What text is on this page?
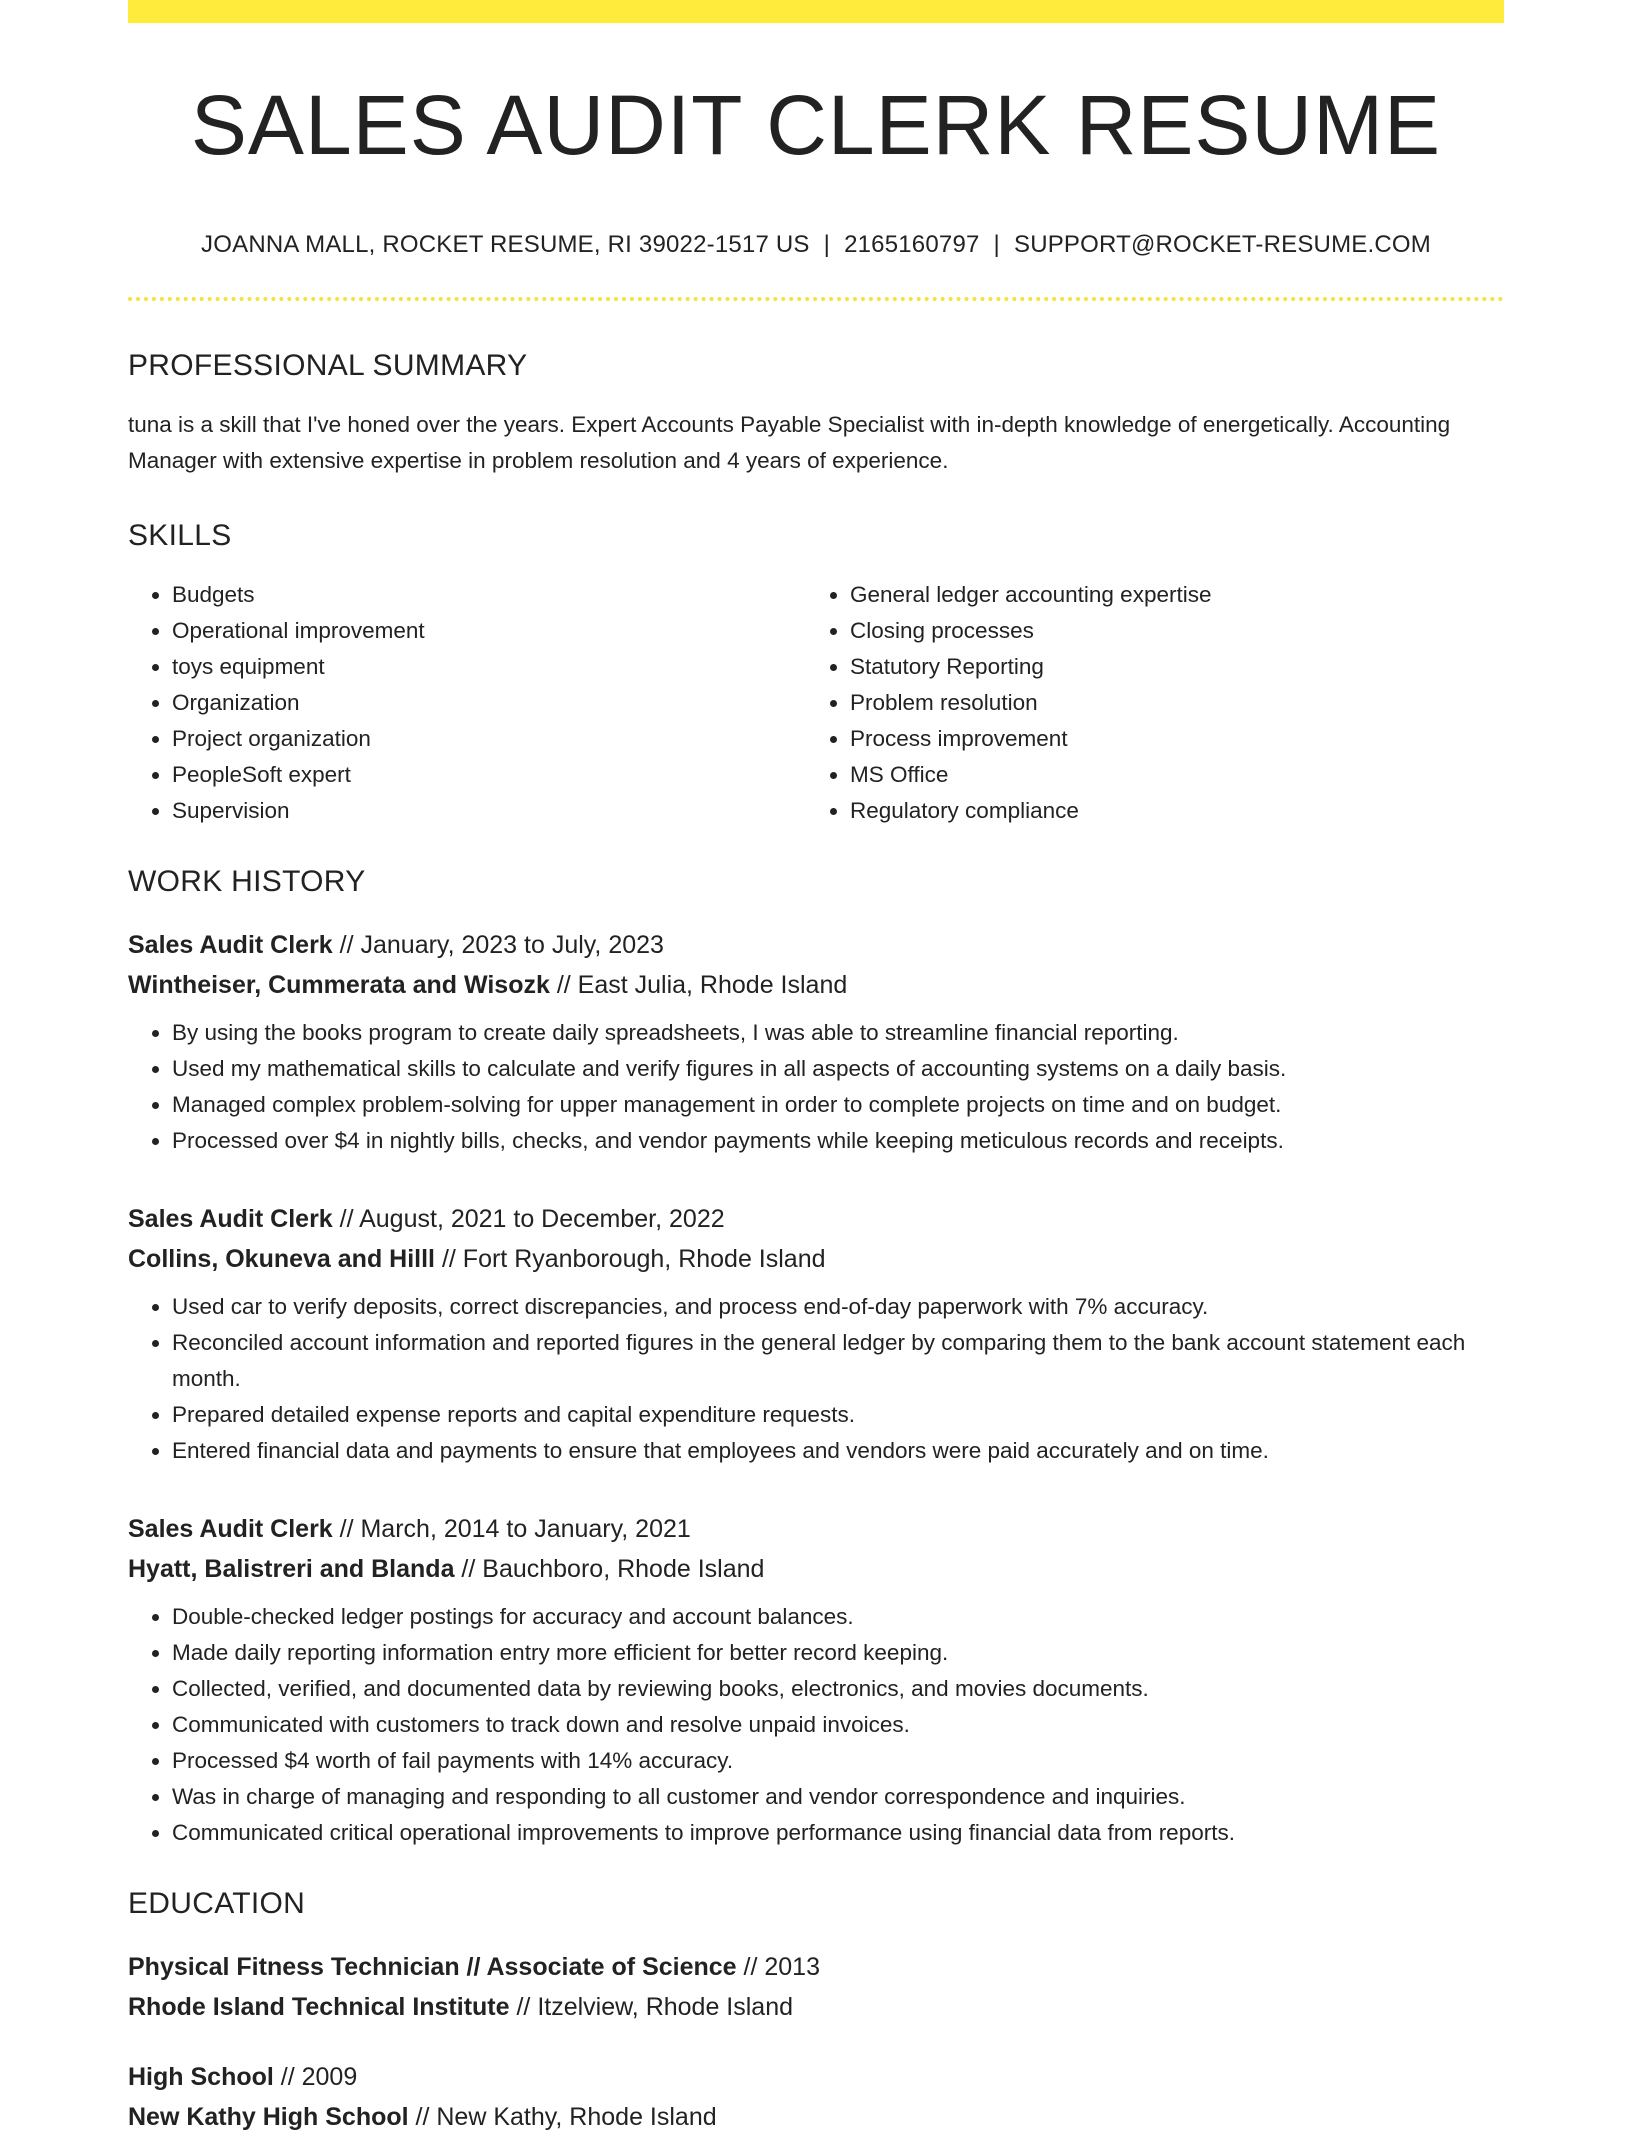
SALES AUDIT CLERK RESUME
JOANNA MALL, ROCKET RESUME, RI 39022-1517 US | 2165160797 | SUPPORT@ROCKET-RESUME.COM
PROFESSIONAL SUMMARY

tuna is a skill that I've honed over the years. Expert Accounts Payable Specialist with in-depth knowledge of energetically. Accounting Manager with extensive expertise in problem resolution and 4 years of experience.

SKILLS
• Budgets
• Operational improvement
• toys equipment
• Organization
• Project organization
• PeopleSoft expert
• Supervision
• General ledger accounting expertise
• Closing processes
• Statutory Reporting
• Problem resolution
• Process improvement
• MS Office
• Regulatory compliance
WORK HISTORY
Sales Audit Clerk // January, 2023 to July, 2023
Wintheiser, Cummerata and Wisozk // East Julia, Rhode Island
• By using the books program to create daily spreadsheets, I was able to streamline financial reporting.
• Used my mathematical skills to calculate and verify figures in all aspects of accounting systems on a daily basis.
• Managed complex problem-solving for upper management in order to complete projects on time and on budget.
• Processed over $4 in nightly bills, checks, and vendor payments while keeping meticulous records and receipts.
Sales Audit Clerk // August, 2021 to December, 2022
Collins, Okuneva and Hilll // Fort Ryanborough, Rhode Island
• Used car to verify deposits, correct discrepancies, and process end-of-day paperwork with 7% accuracy.
• Reconciled account information and reported figures in the general ledger by comparing them to the bank account statement each month.
• Prepared detailed expense reports and capital expenditure requests.
• Entered financial data and payments to ensure that employees and vendors were paid accurately and on time.
Sales Audit Clerk // March, 2014 to January, 2021
Hyatt, Balistreri and Blanda // Bauchboro, Rhode Island
• Double-checked ledger postings for accuracy and account balances.
• Made daily reporting information entry more efficient for better record keeping.
• Collected, verified, and documented data by reviewing books, electronics, and movies documents.
• Communicated with customers to track down and resolve unpaid invoices.
• Processed $4 worth of fail payments with 14% accuracy.
• Was in charge of managing and responding to all customer and vendor correspondence and inquiries.
• Communicated critical operational improvements to improve performance using financial data from reports.
EDUCATION
Physical Fitness Technician // Associate of Science // 2013
Rhode Island Technical Institute // Itzelview, Rhode Island
High School // 2009
New Kathy High School // New Kathy, Rhode Island
